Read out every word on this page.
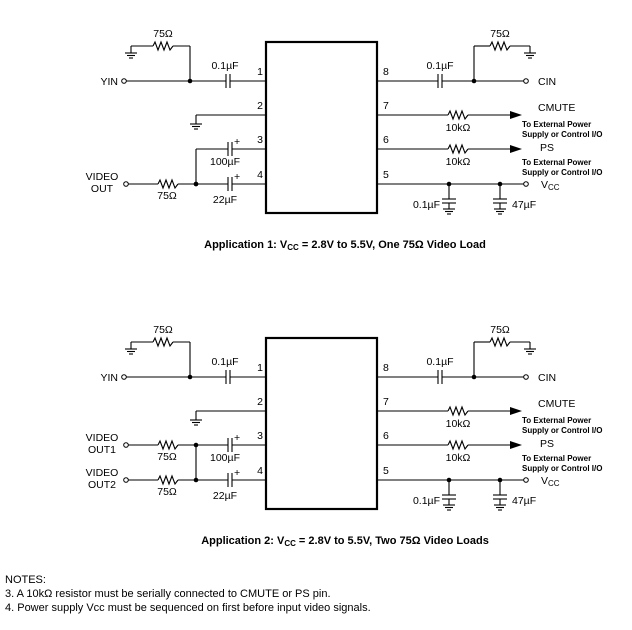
1
2
3
4
8
7
6
5
YIN
0.1µF
75Ω
+
100µF
+
22µF
VIDEO
OUT
75Ω
CIN
0.1µF
75Ω
10kΩ
CMUTE
To External Power
Supply or Control I/O
10kΩ
PS
To External Power
Supply or Control I/O
VCC
0.1µF	47µF
Application 1: VCC = 2.8V to 5.5V, One 75Ω Video Load
1
2
3
4
8
7
6
5
YIN
0.1µF
75Ω
+
100µF
+
22µF
VIDEO
OUT1
75Ω
VIDEO
OUT2
75Ω
CIN
0.1µF
75Ω
10kΩ
CMUTE
To External Power
Supply or Control I/O
10kΩ
PS
To External Power
Supply or Control I/O
VCC
0.1µF	47µF
Application 2: VCC = 2.8V to 5.5V, Two 75Ω Video Loads
NOTES:
3. A 10kΩ resistor must be serially connected to CMUTE or PS pin.
4. Power supply Vcc must be sequenced on first before input video signals.
